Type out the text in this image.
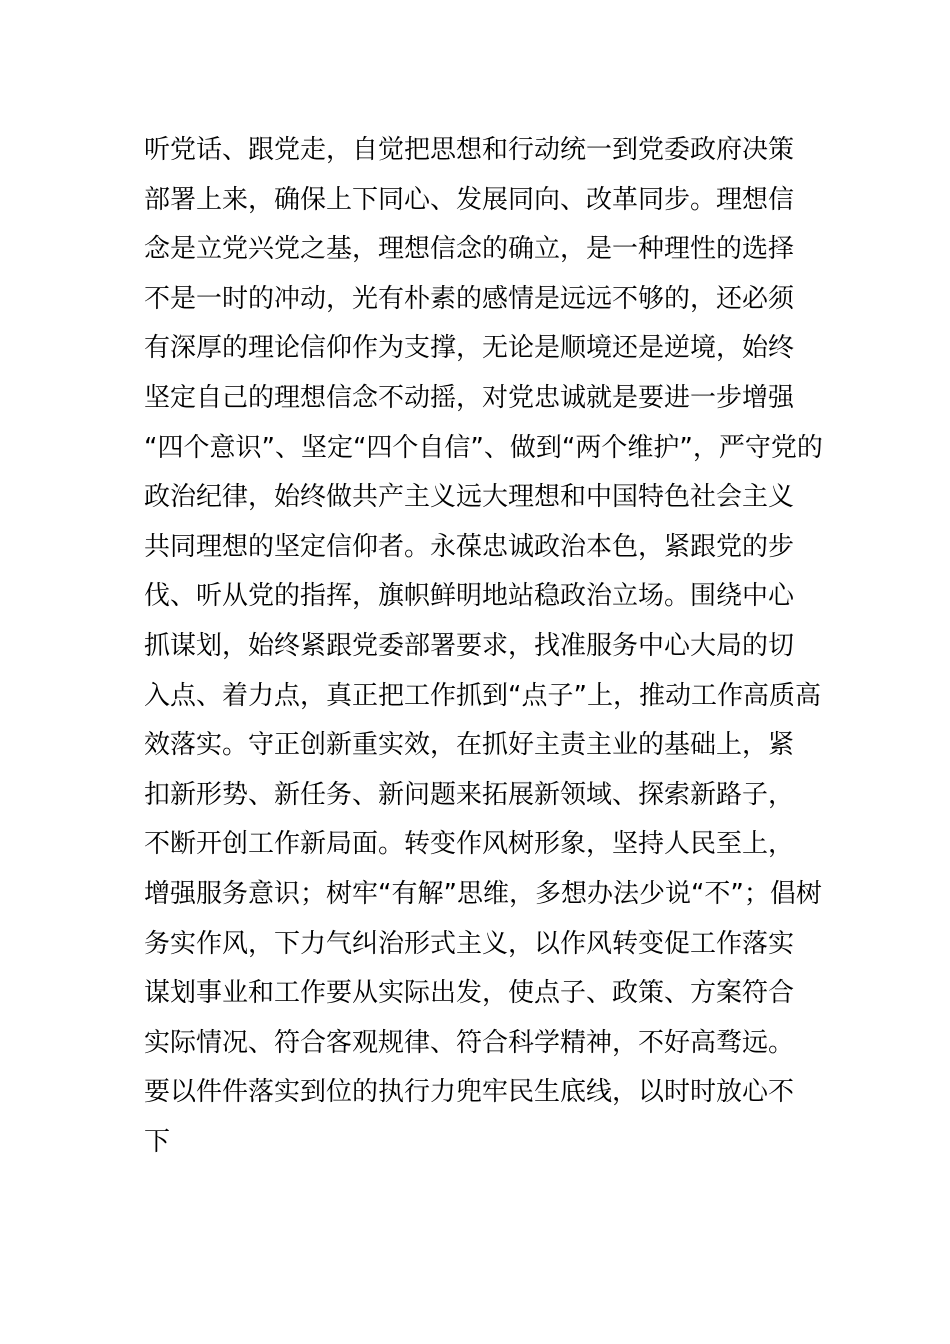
听党话、跟党走，自觉把思想和行动统一到党委政府决策
部署上来，确保上下同心、发展同向、改革同步。理想信
念是立党兴党之基，理想信念的确立，是一种理性的选择
不是一时的冲动，光有朴素的感情是远远不够的，还必须
有深厚的理论信仰作为支撑，无论是顺境还是逆境，始终
坚定自己的理想信念不动摇，对党忠诚就是要进一步增强
“四个意识”、坚定“四个自信”、做到“两个维护”，严守党的
政治纪律，始终做共产主义远大理想和中国特色社会主义
共同理想的坚定信仰者。永葆忠诚政治本色，紧跟党的步
伐、听从党的指挥，旗帜鲜明地站稳政治立场。围绕中心
抓谋划，始终紧跟党委部署要求，找准服务中心大局的切
入点、着力点，真正把工作抓到“点子”上，推动工作高质高
效落实。守正创新重实效，在抓好主责主业的基础上，紧
扣新形势、新任务、新问题来拓展新领域、探索新路子，
不断开创工作新局面。转变作风树形象，坚持人民至上，
增强服务意识；树牢“有解”思维，多想办法少说“不”；倡树
务实作风，下力气纠治形式主义，以作风转变促工作落实
谋划事业和工作要从实际出发，使点子、政策、方案符合
实际情况、符合客观规律、符合科学精神，不好高骛远。
要以件件落实到位的执行力兜牢民生底线，以时时放心不
下
